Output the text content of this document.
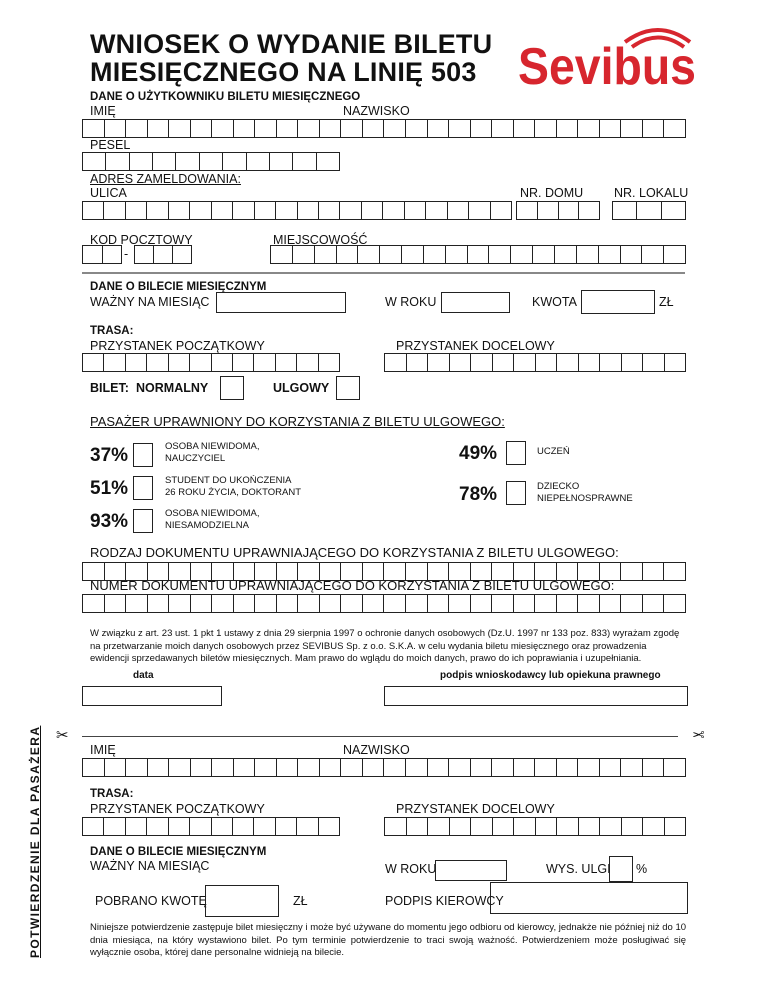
WNIOSEK O WYDANIE BILETU
MIESIĘCZNEGO NA LINIĘ 503 Sevibus
DANE O UŻYTKOWNIKU BILETU MIESIĘCZNEGO
IMIĘ	NAZWISKO
PESEL
ADRES ZAMELDOWANIA:
ULICA	NR. DOMU NR. LOKALU
KOD POCZTOWY	MIEJSCOWOŚĆ
-
DANE O BILECIE MIESIĘCZNYM
WAŻNY NA MIESIĄC	W ROKU	KWOTA	ZŁ
TRASA:
PRZYSTANEK POCZĄTKOWY	PRZYSTANEK DOCELOWY
BILET: NORMALNY	ULGOWY
PASAŻER UPRAWNIONY DO KORZYSTANIA Z BILETU ULGOWEGO:
37%	OSOBA NIEWIDOMA,
NAUCZYCIEL
51%	STUDENT DO UKOŃCZENIA
26 ROKU ŻYCIA, DOKTORANT
93%	OSOBA NIEWIDOMA,
NIESAMODZIELNA
49%	UCZEŃ
78%	DZIECKO
NIEPEŁNOSPRAWNE
RODZAJ DOKUMENTU UPRAWNIAJĄCEGO DO KORZYSTANIA Z BILETU ULGOWEGO:
NUMER DOKUMENTU UPRAWNIAJĄCEGO DO KORZYSTANIA Z BILETU ULGOWEGO:
W związku z art. 23 ust. 1 pkt 1 ustawy z dnia 29 sierpnia 1997 o ochronie danych osobowych (Dz.U. 1997 nr 133 poz. 833) wyrażam zgodę na przetwarzanie moich danych osobowych przez SEVIBUS Sp. z o.o. S.K.A. w celu wydania biletu miesięcznego oraz prowadzenia ewidencji sprzedawanych biletów miesięcznych. Mam prawo do wglądu do moich danych, prawo do ich poprawiania i uzupełniania.
data	podpis wnioskodawcy lub opiekuna prawnego
✂	✂
POTWIERDZENIE DLA PASAŻERA	IMIĘ	NAZWISKO
TRASA:
PRZYSTANEK POCZĄTKOWY	PRZYSTANEK DOCELOWY
DANE O BILECIE MIESIĘCZNYM
WAŻNY NA MIESIĄC	W ROKU	WYS. ULGI %
POBRANO KWOTĘ	ZŁ	PODPIS KIEROWCY
Niniejsze potwierdzenie zastępuje bilet miesięczny i może być używane do momentu jego odbioru od kierowcy, jednakże nie później niż do 10 dnia miesiąca, na który wystawiono bilet. Po tym terminie potwierdzenie to traci swoją ważność. Potwierdzeniem może posługiwać się wyłącznie osoba, której dane personalne widnieją na bilecie.
